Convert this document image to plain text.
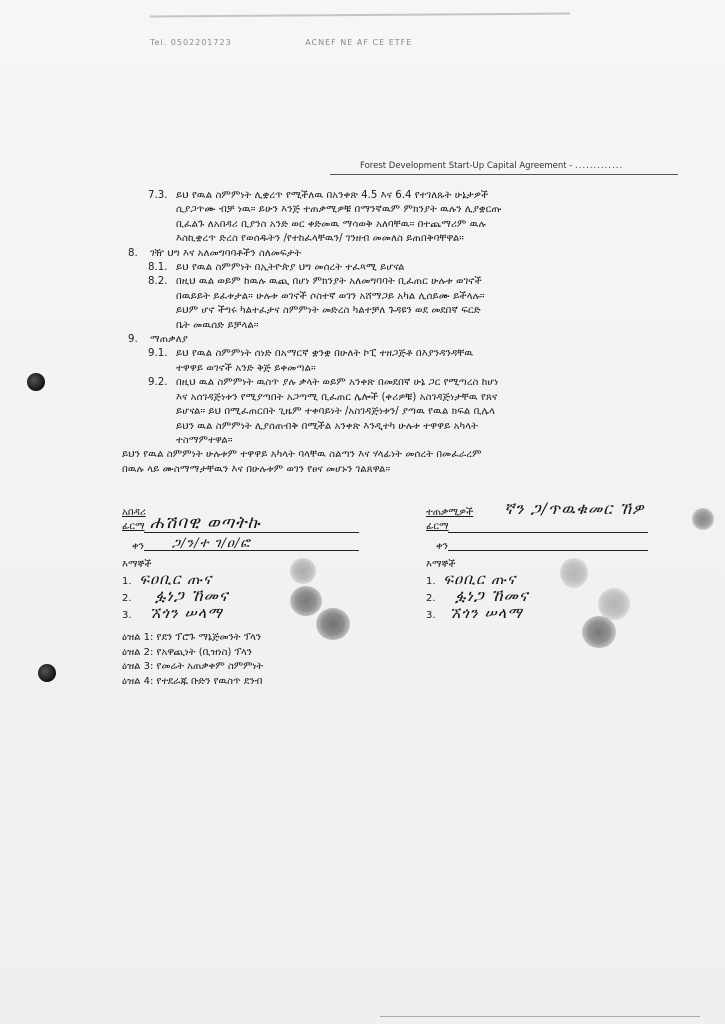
Tel. 0502201723	ACNEF NE AF CE ETFE
Forest Development Start-Up Capital Agreement - .............
7.3. ይህ የዉል ስምምነት ሊቋረጥ የሚችለዉ በአንቀጽ 4.5 እና 6.4 የተገለጹት ሁኔታዎች
ሲያጋጥሙ ብቻ ነዉ። ይሁን እንጅ ተጠቃሚዎቹ በማንኛዉም ምክንያት ዉሉን ሊያቋርጡ
ቢፈልጉ ለአበዳሪ ቢያንስ አንድ ወር ቀድመዉ ማሳወቅ አለባቸዉ። በተጨማሪም ዉሉ
እስኪቋረጥ ድረስ የወሰዱትን /የተከፈላቸዉን/ ገንዘብ መመለስ ይጠበቅባቸዋል።
8.	ገዥ ህግ እና አለመግባባቶችን ስለመፍታት
8.1. ይህ የዉል ስምምነት በኢትዮጵያ ህግ መሰረት ተፈጻሚ ይሆናል
8.2. በዚህ ዉል ወይም ከዉሉ ዉጪ በሆነ ምክንያት አለመግባባት ቢፈጠር ሁሉቱ ወገኖች
በዉይይት ይፈቱታል። ሁሉቱ ወገኖች ሶስተኛ ወገን አሸማጋይ አካል ሊሰይሙ ይችላሉ።
ይህም ሆኖ ችግሩ ካልተፈታና ስምምነት መድረስ ካልተቻለ ጉዳዩን ወደ መደበኛ ፍርድ
ቤት መዉሰድ ይቻላል።
9.	ማጠቃለያ
9.1. ይህ የዉል ስምምነት ሰነድ በአማርኛ ቋንቋ በሁለት ኮፒ ተዘጋጅቶ በእያንዳንዳቸዉ
ተዋዋይ ወገኖች አንድ ቅጅ ይቀመጣል።
9.2. በዚህ ዉል ስምምነት ዉስጥ ያሉ ቃላት ወይም አንቀጽ በመደበኛ ሁኔ ጋር የሚጣረስ ከሆነ
እና አሰገዳጅነቱን የሚያጣበት አጋጣሚ ቢፈጠር ሌሎች (ቀሪዎቹ) አስገዳጅነታቸዉ የጸና
ይሆናል። ይህ በሚፈጠርበት ጊዜም ተቀባይነት /አስገዳጅነቱን/ ያጣዉ የዉል ክፍል ቢሌላ
ይህን ዉል ስምምነት ሊያሰጠብቅ በሚችል አንቀጽ እንዲተካ ሁሉቱ ተዋዋይ አካላት
ተስማምተዋል።
ይህን የዉል ስምምነት ሁሉቱም ተዋዋይ አካላት ባላቸዉ ስልጣን እና ሃላፊነት መሰረት በመፈራረም
በዉሉ ላይ ሙስማማታቸዉን እና በሁሉቱም ወገን የፀና መሆኑን ገልጸዋል።
አበዳሪ
ፊርማ ሐሽባዊ ወጣትኩ
ቀን ጋ/ን/ተ ገ/ዐ/ፎ
እማኞች
1. ፍዐቢር ጡና
2. ፏነጋ ኸመና
3. ኧጎን ሠላማ
ተጠቃሚዎች
ፊርማ
ኛን ጋ/ጥዉቁመር ኸዎ
ቀን
እማኞች
1. ፍዐቢር ጡና
2. ፏነጋ ኸመና
3. ኧጎን ሠላማ
ዕዝል 1: የደን ፕሮጉ ማኔጅመንት ፕላን
ዕዝል 2: የአዋጪነት (ቢዝነስ) ፕላን
ዕዝል 3: የመሬት አጠቃቀም ስምምነት
ዕዝል 4: የተደራጁ ቡድን የዉስጥ ደንብ
